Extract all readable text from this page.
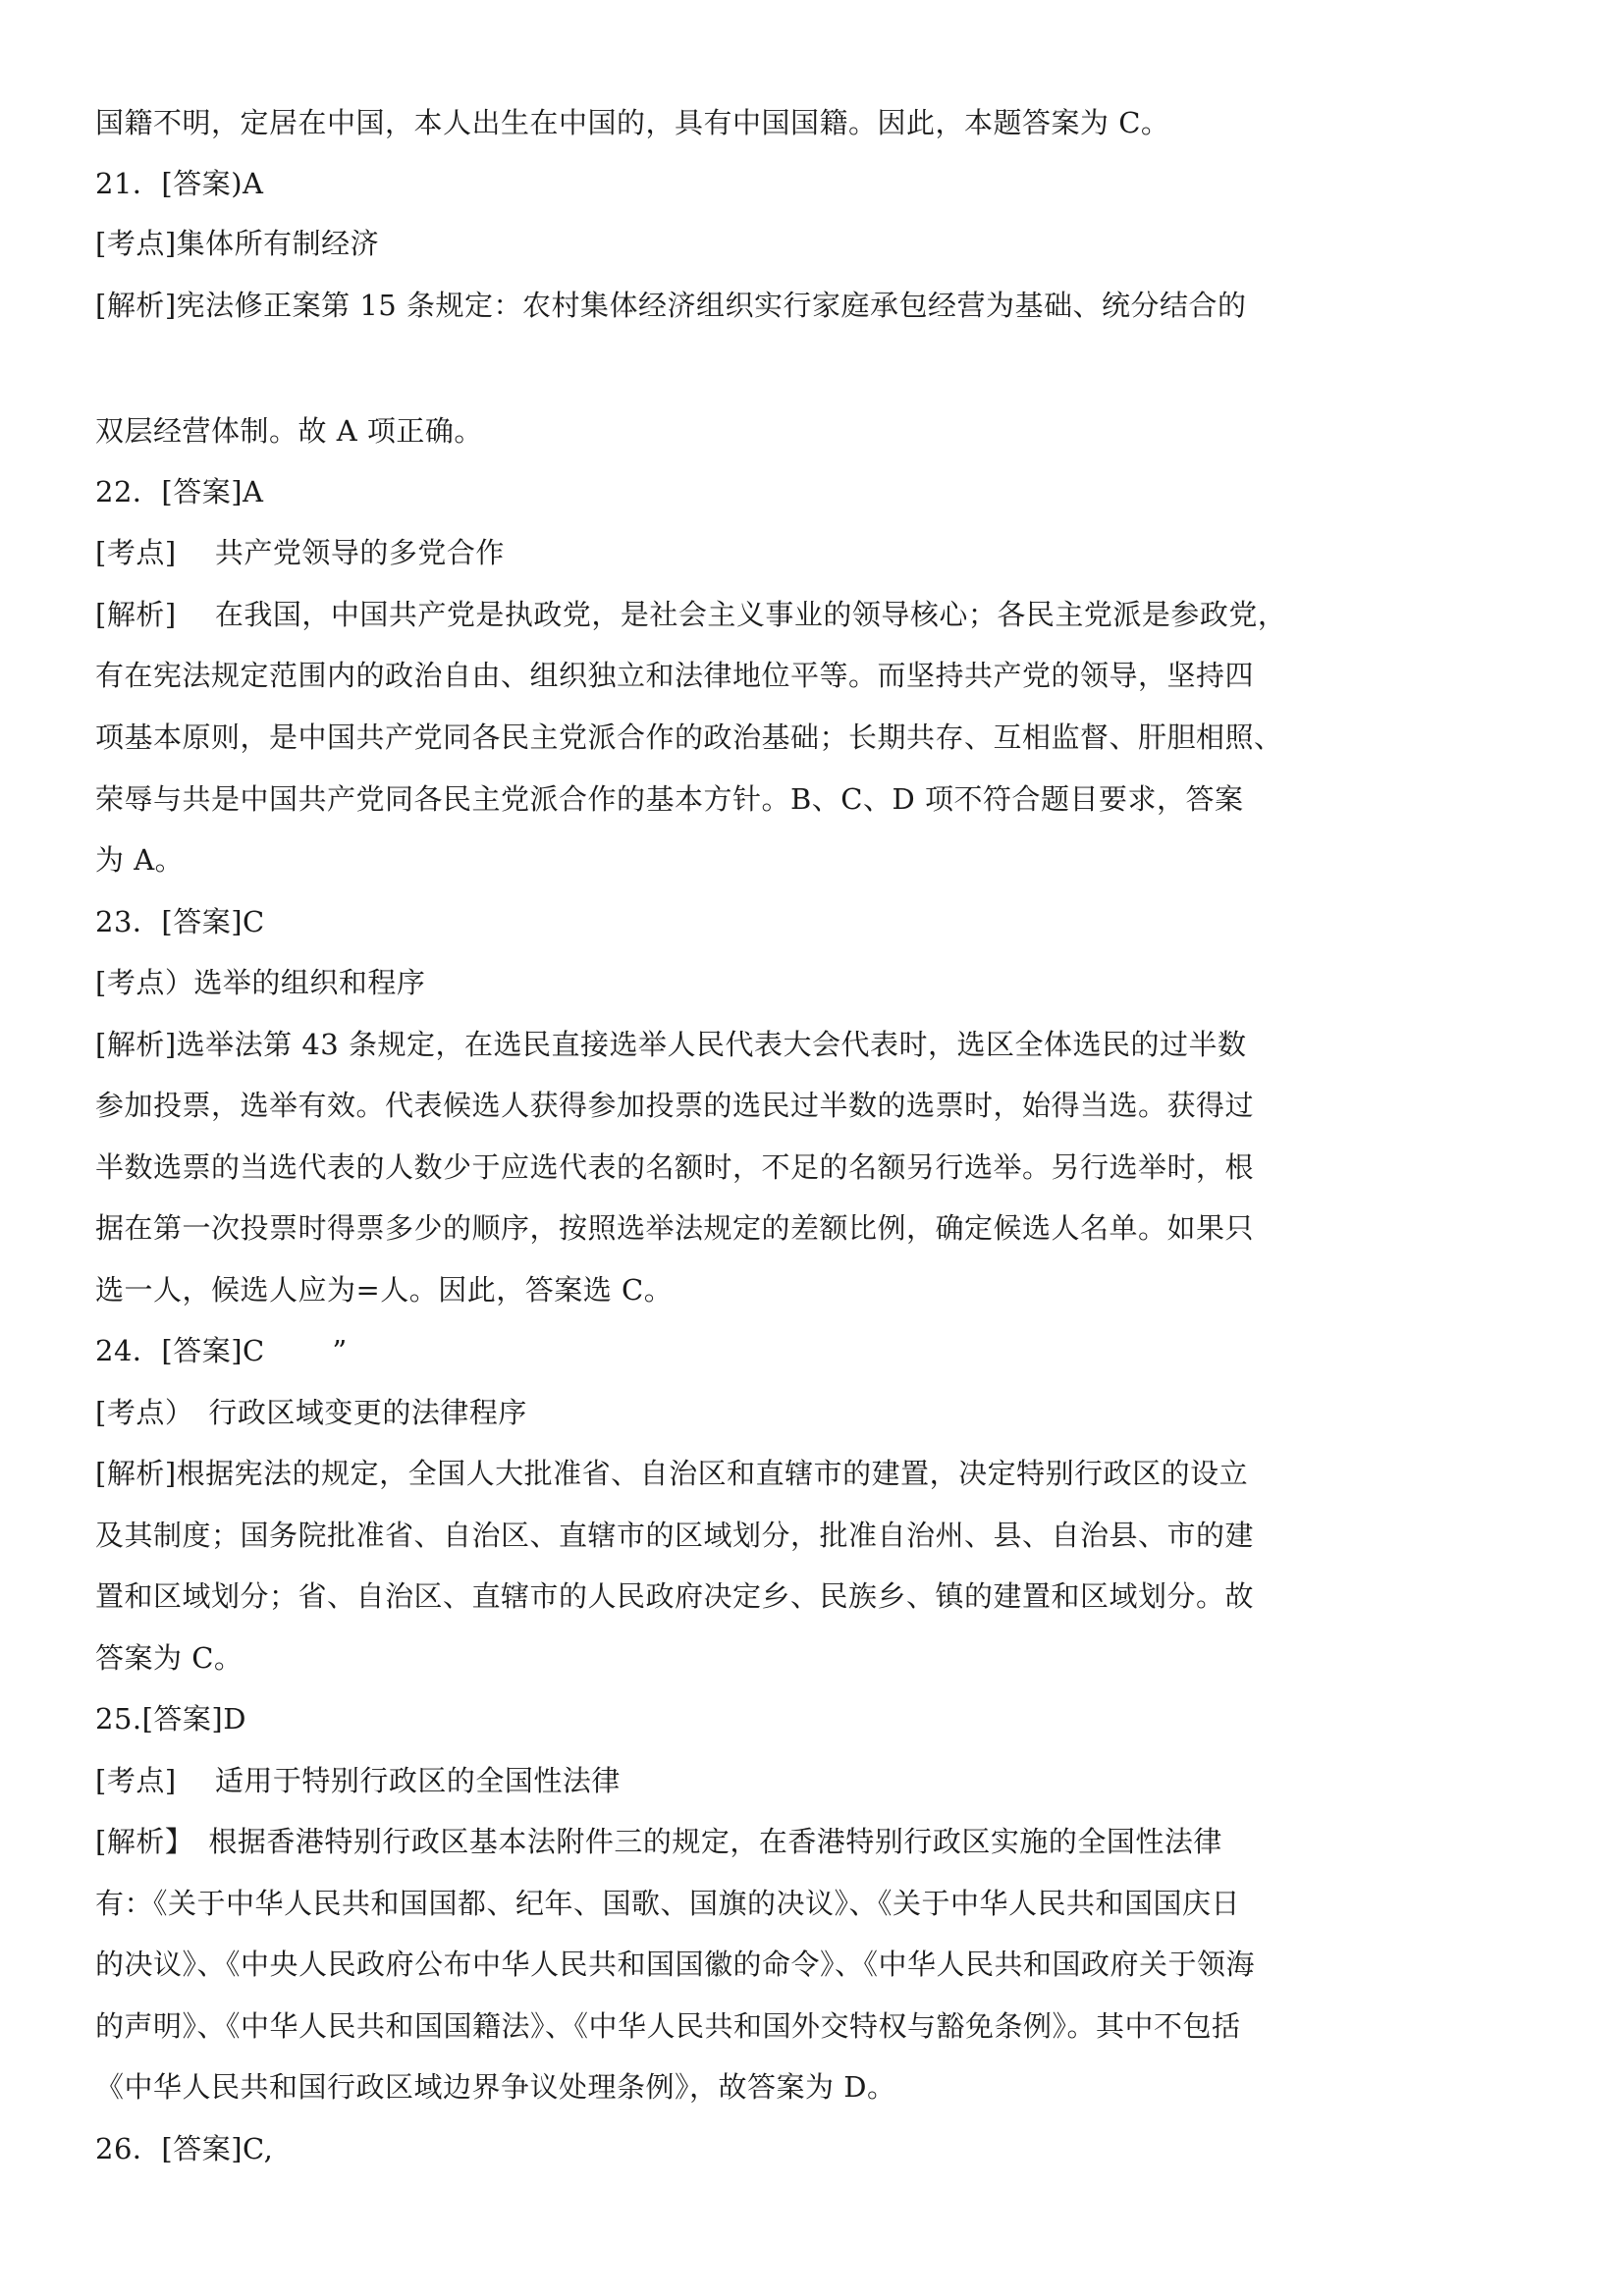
国籍不明，定居在中国，本人出生在中国的，具有中国国籍。因此，本题答案为 C。
21．[答案)A
[考点]集体所有制经济
[解析]宪法修正案第 15 条规定：农村集体经济组织实行家庭承包经营为基础、统分结合的
双层经营体制。故 A 项正确。
22．[答案]A
[考点]　 共产党领导的多党合作
[解析]　 在我国，中国共产党是执政党，是社会主义事业的领导核心；各民主党派是参政党，
有在宪法规定范围内的政治自由、组织独立和法律地位平等。而坚持共产党的领导，坚持四
项基本原则，是中国共产党同各民主党派合作的政治基础；长期共存、互相监督、肝胆相照、
荣辱与共是中国共产党同各民主党派合作的基本方针。B、C、D 项不符合题目要求，答案
为 A。
23．[答案]C
[考点）选举的组织和程序
[解析]选举法第 43 条规定，在选民直接选举人民代表大会代表时，选区全体选民的过半数
参加投票，选举有效。代表候选人获得参加投票的选民过半数的选票时，始得当选。获得过
半数选票的当选代表的人数少于应选代表的名额时，不足的名额另行选举。另行选举时，根
据在第一次投票时得票多少的顺序，按照选举法规定的差额比例，确定候选人名单。如果只
选一人，候选人应为=人。因此，答案选 C。
24．[答案]C　　 ”
[考点）　行政区域变更的法律程序
[解析]根据宪法的规定，全国人大批准省、自治区和直辖市的建置，决定特别行政区的设立
及其制度；国务院批准省、自治区、直辖市的区域划分，批准自治州、县、自治县、市的建
置和区域划分；省、自治区、直辖市的人民政府决定乡、民族乡、镇的建置和区域划分。故
答案为 C。
25.[答案]D
[考点]　 适用于特别行政区的全国性法律
[解析】　根据香港特别行政区基本法附件三的规定，在香港特别行政区实施的全国性法律
有：《关于中华人民共和国国都、纪年、国歌、国旗的决议》、《关于中华人民共和国国庆日
的决议》、《中央人民政府公布中华人民共和国国徽的命令》、《中华人民共和国政府关于领海
的声明》、《中华人民共和国国籍法》、《中华人民共和国外交特权与豁免条例》。其中不包括
《中华人民共和国行政区域边界争议处理条例》，故答案为 D。
26．[答案]C,
